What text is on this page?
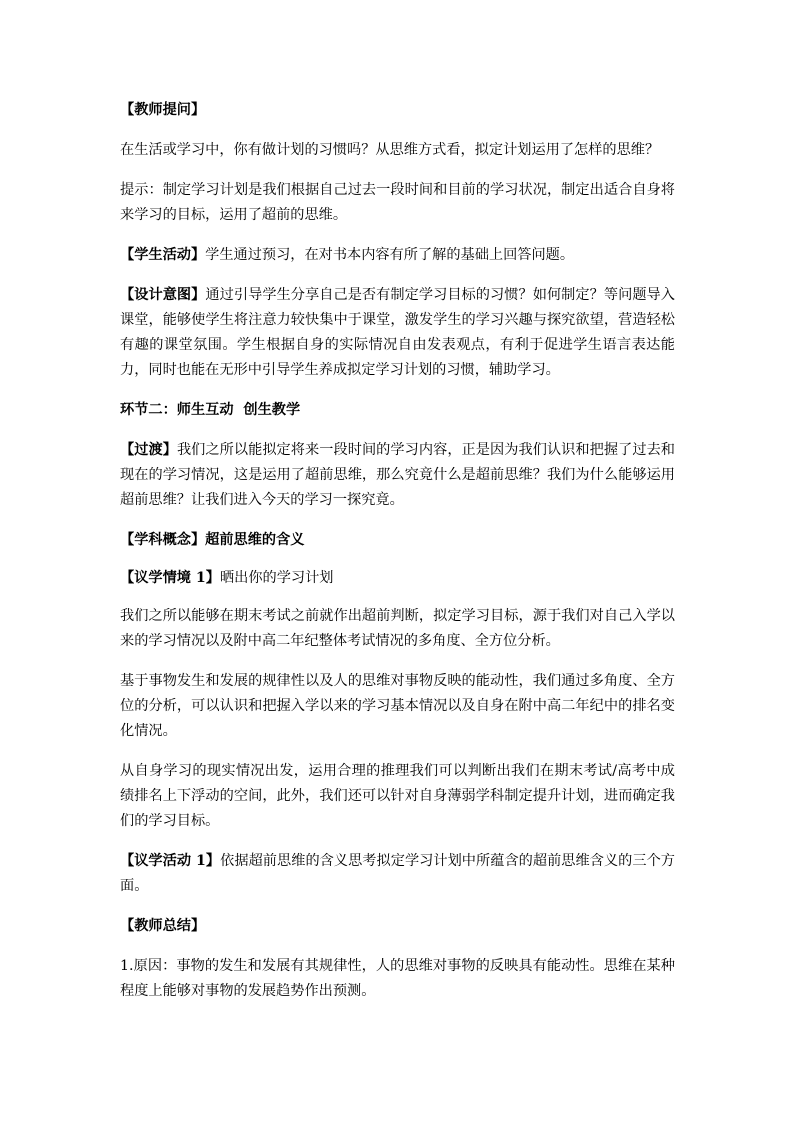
【教师提问】

在生活或学习中，你有做计划的习惯吗？从思维方式看，拟定计划运用了怎样的思维？

提示：制定学习计划是我们根据自己过去一段时间和目前的学习状况，制定出适合自身将来学习的目标，运用了超前的思维。

【学生活动】学生通过预习，在对书本内容有所了解的基础上回答问题。

【设计意图】通过引导学生分享自己是否有制定学习目标的习惯？如何制定？等问题导入课堂，能够使学生将注意力较快集中于课堂，激发学生的学习兴趣与探究欲望，营造轻松有趣的课堂氛围。学生根据自身的实际情况自由发表观点，有利于促进学生语言表达能力，同时也能在无形中引导学生养成拟定学习计划的习惯，辅助学习。

环节二：师生互动  创生教学

【过渡】我们之所以能拟定将来一段时间的学习内容，正是因为我们认识和把握了过去和现在的学习情况，这是运用了超前思维，那么究竟什么是超前思维？我们为什么能够运用超前思维？让我们进入今天的学习一探究竟。

【学科概念】超前思维的含义

【议学情境 1】晒出你的学习计划

我们之所以能够在期末考试之前就作出超前判断，拟定学习目标，源于我们对自己入学以来的学习情况以及附中高二年纪整体考试情况的多角度、全方位分析。

基于事物发生和发展的规律性以及人的思维对事物反映的能动性，我们通过多角度、全方位的分析，可以认识和把握入学以来的学习基本情况以及自身在附中高二年纪中的排名变化情况。

从自身学习的现实情况出发，运用合理的推理我们可以判断出我们在期末考试/高考中成绩排名上下浮动的空间，此外，我们还可以针对自身薄弱学科制定提升计划，进而确定我们的学习目标。

【议学活动 1】依据超前思维的含义思考拟定学习计划中所蕴含的超前思维含义的三个方面。

【教师总结】

1.原因：事物的发生和发展有其规律性，人的思维对事物的反映具有能动性。思维在某种程度上能够对事物的发展趋势作出预测。
